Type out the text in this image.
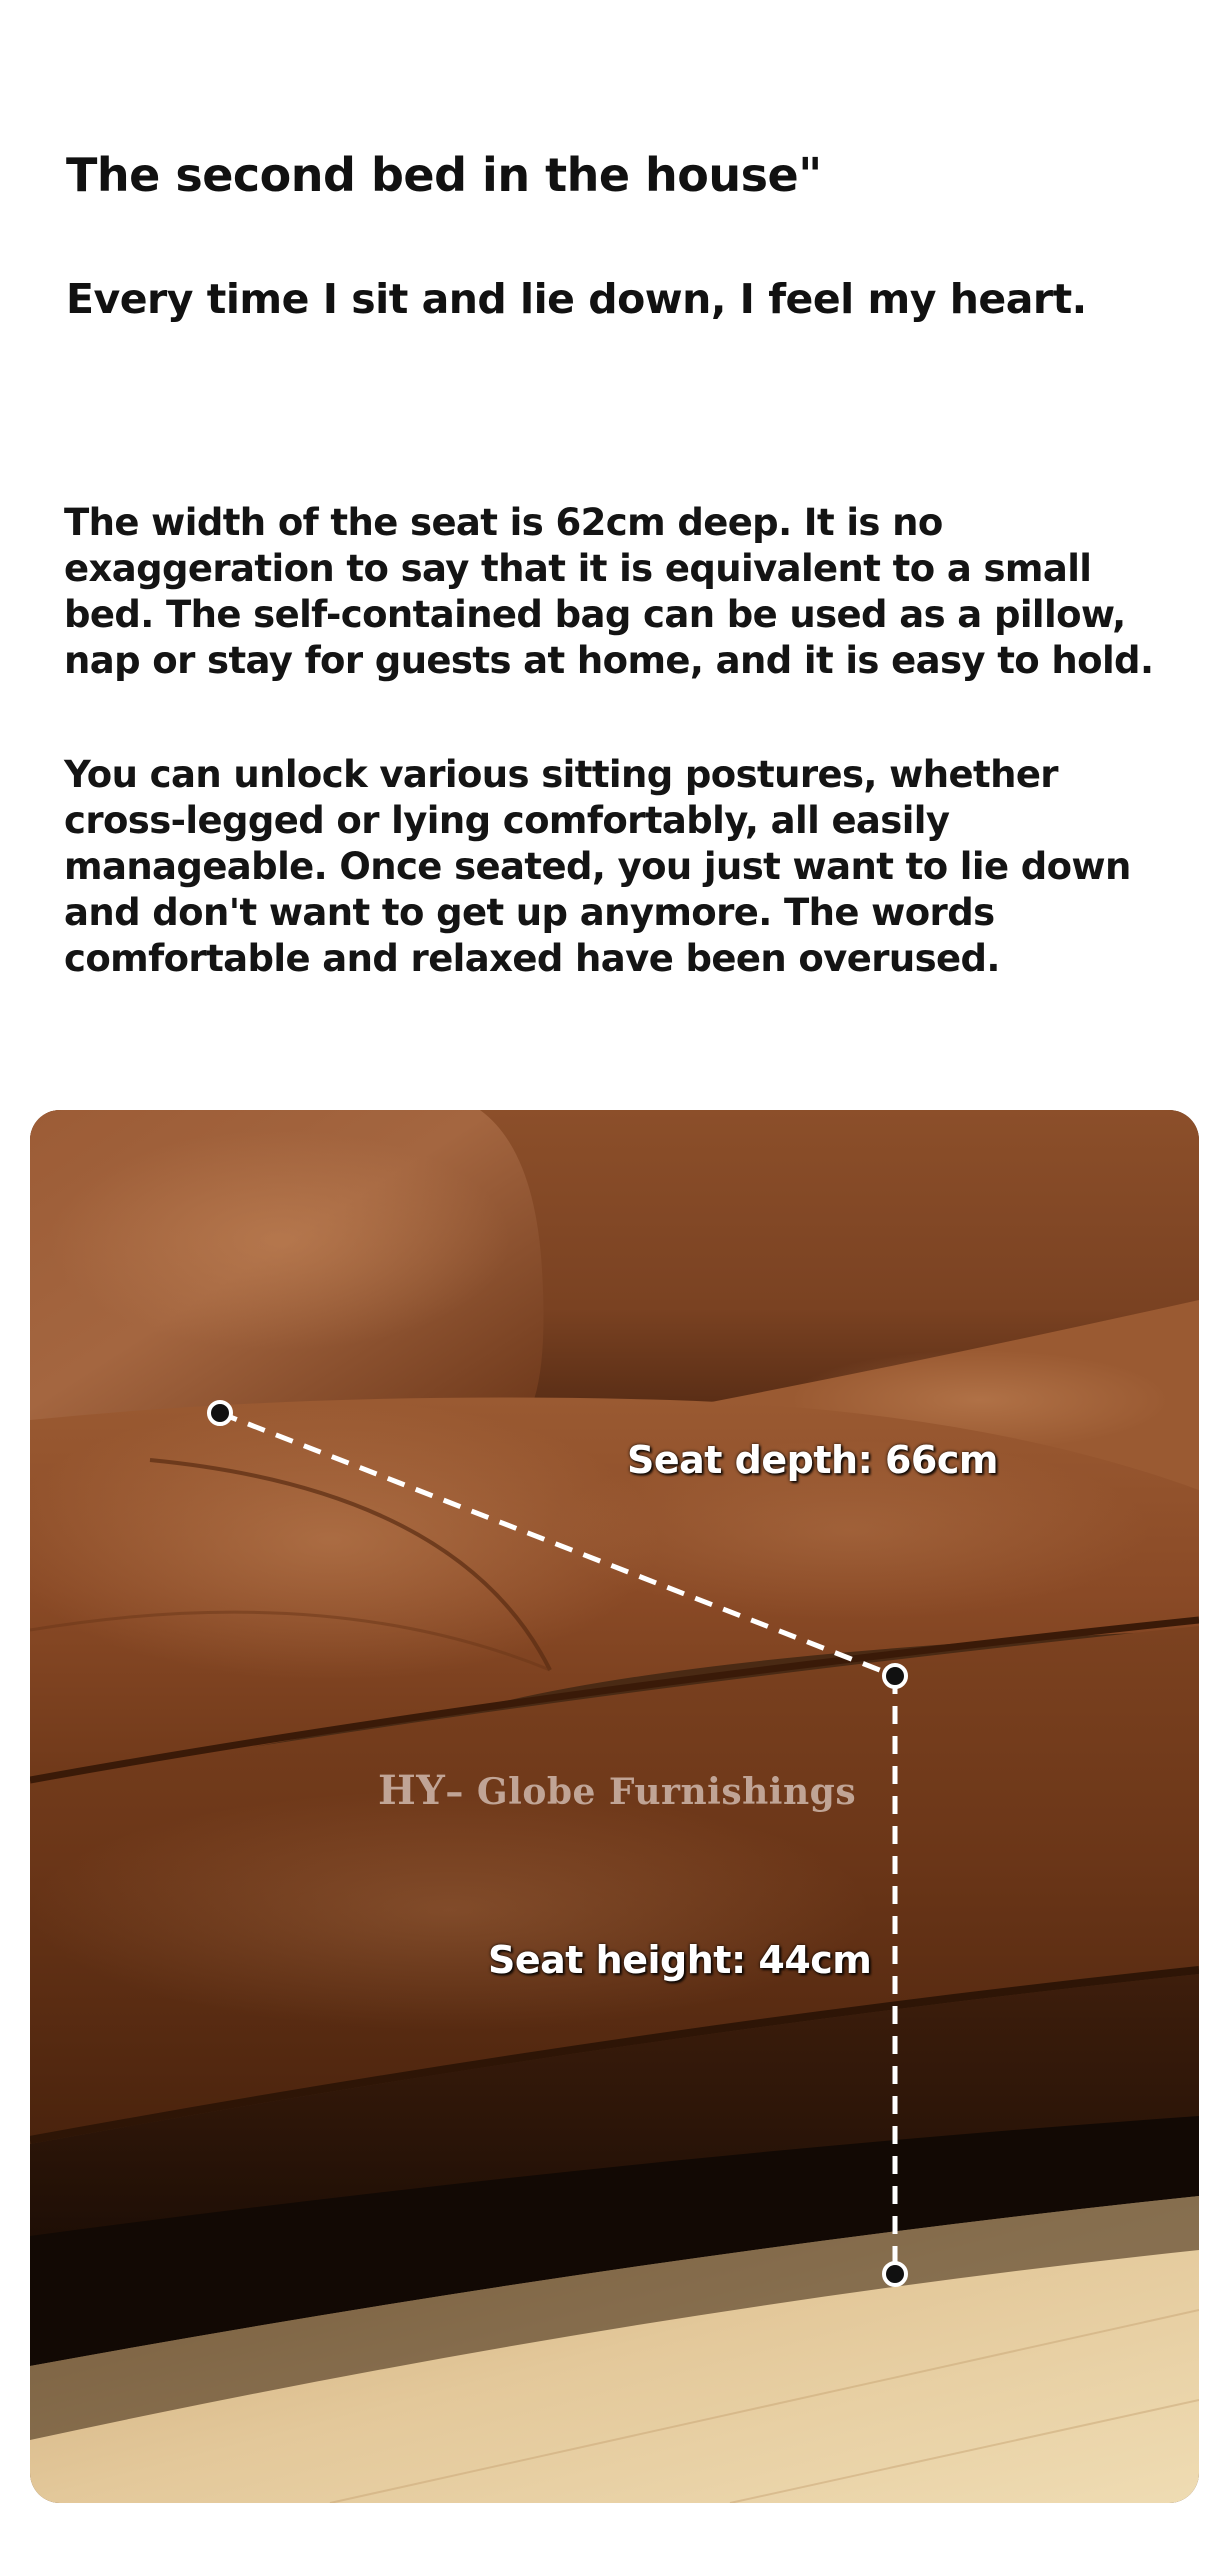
The second bed in the house"
Every time I sit and lie down, I feel my heart.

The width of the seat is 62cm deep. It is no exaggeration to say that it is equivalent to a small bed. The self-contained bag can be used as a pillow, nap or stay for guests at home, and it is easy to hold.

You can unlock various sitting postures, whether cross-legged or lying comfortably, all easily manageable. Once seated, you just want to lie down and don't want to get up anymore. The words comfortable and relaxed have been overused.

Seat depth: 66cm
Seat height: 44cm
HY– Globe Furnishings
